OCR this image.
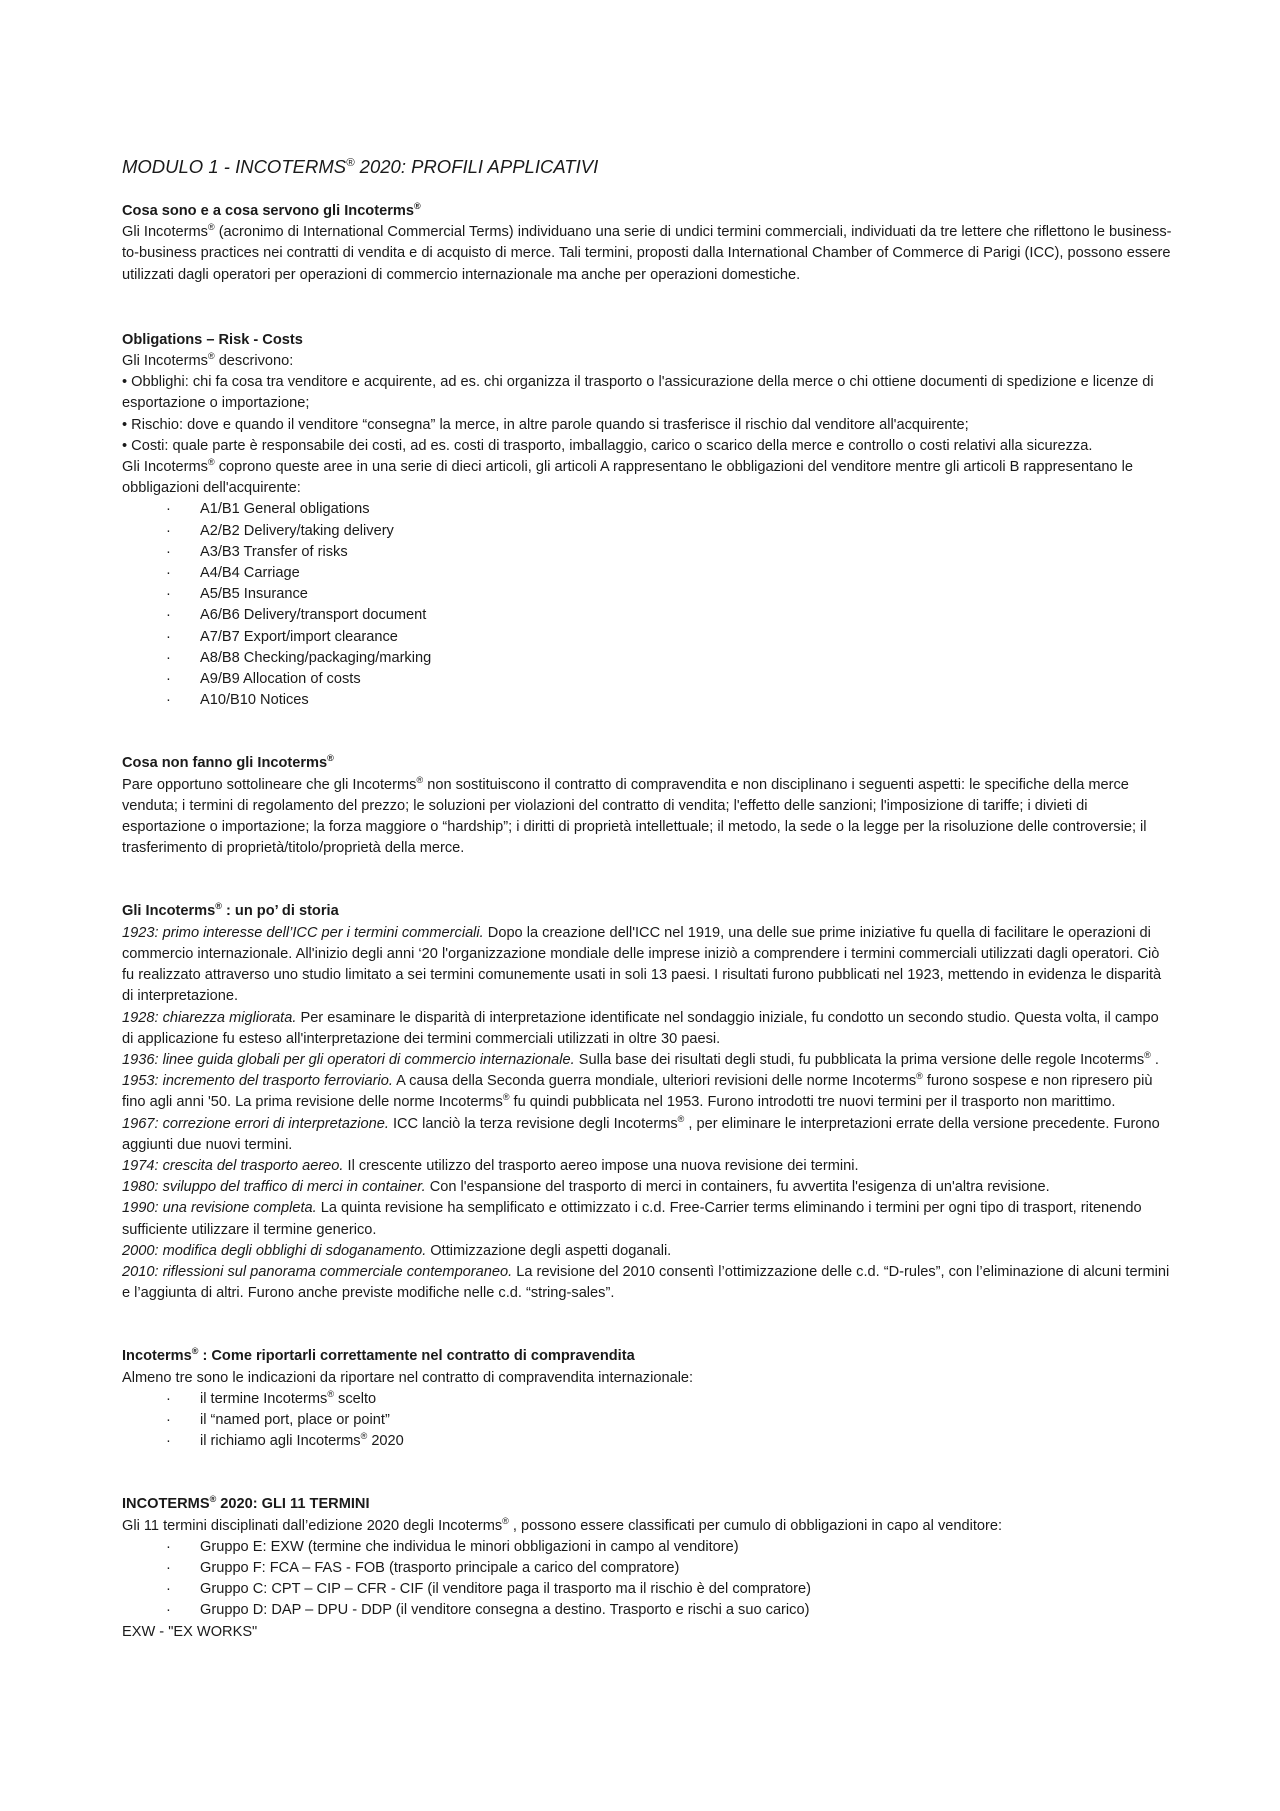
MODULO 1 - INCOTERMS® 2020: PROFILI APPLICATIVI

Cosa sono e a cosa servono gli Incoterms®

Gli Incoterms® (acronimo di International Commercial Terms) individuano una serie di undici termini commerciali, individuati da tre lettere che riflettono le business-to-business practices nei contratti di vendita e di acquisto di merce. Tali termini, proposti dalla International Chamber of Commerce di Parigi (ICC), possono essere utilizzati dagli operatori per operazioni di commercio internazionale ma anche per operazioni domestiche.

Obligations – Risk - Costs

Gli Incoterms® descrivono:

• Obblighi: chi fa cosa tra venditore e acquirente, ad es. chi organizza il trasporto o l'assicurazione della merce o chi ottiene documenti di spedizione e licenze di esportazione o importazione;

• Rischio: dove e quando il venditore “consegna” la merce, in altre parole quando si trasferisce il rischio dal venditore all'acquirente;

• Costi: quale parte è responsabile dei costi, ad es. costi di trasporto, imballaggio, carico o scarico della merce e controllo o costi relativi alla sicurezza.

Gli Incoterms® coprono queste aree in una serie di dieci articoli, gli articoli A rappresentano le obbligazioni del venditore mentre gli articoli B rappresentano le obbligazioni dell'acquirente:

· A1/B1 General obligations
· A2/B2 Delivery/taking delivery
· A3/B3 Transfer of risks
· A4/B4 Carriage
· A5/B5 Insurance
· A6/B6 Delivery/transport document
· A7/B7 Export/import clearance
· A8/B8 Checking/packaging/marking
· A9/B9 Allocation of costs
· A10/B10 Notices

Cosa non fanno gli Incoterms®

Pare opportuno sottolineare che gli Incoterms® non sostituiscono il contratto di compravendita e non disciplinano i seguenti aspetti: le specifiche della merce venduta; i termini di regolamento del prezzo; le soluzioni per violazioni del contratto di vendita; l'effetto delle sanzioni; l'imposizione di tariffe; i divieti di esportazione o importazione; la forza maggiore o “hardship”; i diritti di proprietà intellettuale; il metodo, la sede o la legge per la risoluzione delle controversie; il trasferimento di proprietà/titolo/proprietà della merce.

Gli Incoterms® : un po’ di storia

1923: primo interesse dell’ICC per i termini commerciali. Dopo la creazione dell'ICC nel 1919, una delle sue prime iniziative fu quella di facilitare le operazioni di commercio internazionale. All'inizio degli anni ‘20 l'organizzazione mondiale delle imprese iniziò a comprendere i termini commerciali utilizzati dagli operatori. Ciò fu realizzato attraverso uno studio limitato a sei termini comunemente usati in soli 13 paesi. I risultati furono pubblicati nel 1923, mettendo in evidenza le disparità di interpretazione.

1928: chiarezza migliorata. Per esaminare le disparità di interpretazione identificate nel sondaggio iniziale, fu condotto un secondo studio. Questa volta, il campo di applicazione fu esteso all'interpretazione dei termini commerciali utilizzati in oltre 30 paesi.

1936: linee guida globali per gli operatori di commercio internazionale. Sulla base dei risultati degli studi, fu pubblicata la prima versione delle regole Incoterms® .

1953: incremento del trasporto ferroviario. A causa della Seconda guerra mondiale, ulteriori revisioni delle norme Incoterms® furono sospese e non ripresero più fino agli anni '50. La prima revisione delle norme Incoterms® fu quindi pubblicata nel 1953. Furono introdotti tre nuovi termini per il trasporto non marittimo.

1967: correzione errori di interpretazione. ICC lanciò la terza revisione degli Incoterms® , per eliminare le interpretazioni errate della versione precedente. Furono aggiunti due nuovi termini.

1974: crescita del trasporto aereo. Il crescente utilizzo del trasporto aereo impose una nuova revisione dei termini.

1980: sviluppo del traffico di merci in container. Con l'espansione del trasporto di merci in containers, fu avvertita l'esigenza di un'altra revisione.

1990: una revisione completa. La quinta revisione ha semplificato e ottimizzato i c.d. Free-Carrier terms eliminando i termini per ogni tipo di trasport, ritenendo sufficiente utilizzare il termine generico.

2000: modifica degli obblighi di sdoganamento. Ottimizzazione degli aspetti doganali.

2010: riflessioni sul panorama commerciale contemporaneo. La revisione del 2010 consentì l’ottimizzazione delle c.d. “D-rules”, con l’eliminazione di alcuni termini e l’aggiunta di altri. Furono anche previste modifiche nelle c.d. “string-sales”.

Incoterms® : Come riportarli correttamente nel contratto di compravendita

Almeno tre sono le indicazioni da riportare nel contratto di compravendita internazionale:

· il termine Incoterms® scelto
· il “named port, place or point”
· il richiamo agli Incoterms® 2020

INCOTERMS® 2020: GLI 11 TERMINI

Gli 11 termini disciplinati dall’edizione 2020 degli Incoterms® , possono essere classificati per cumulo di obbligazioni in capo al venditore:

· Gruppo E: EXW (termine che individua le minori obbligazioni in campo al venditore)
· Gruppo F: FCA – FAS - FOB (trasporto principale a carico del compratore)
· Gruppo C: CPT – CIP – CFR - CIF (il venditore paga il trasporto ma il rischio è del compratore)
· Gruppo D: DAP – DPU - DDP (il venditore consegna a destino. Trasporto e rischi a suo carico)

EXW - "EX WORKS"
